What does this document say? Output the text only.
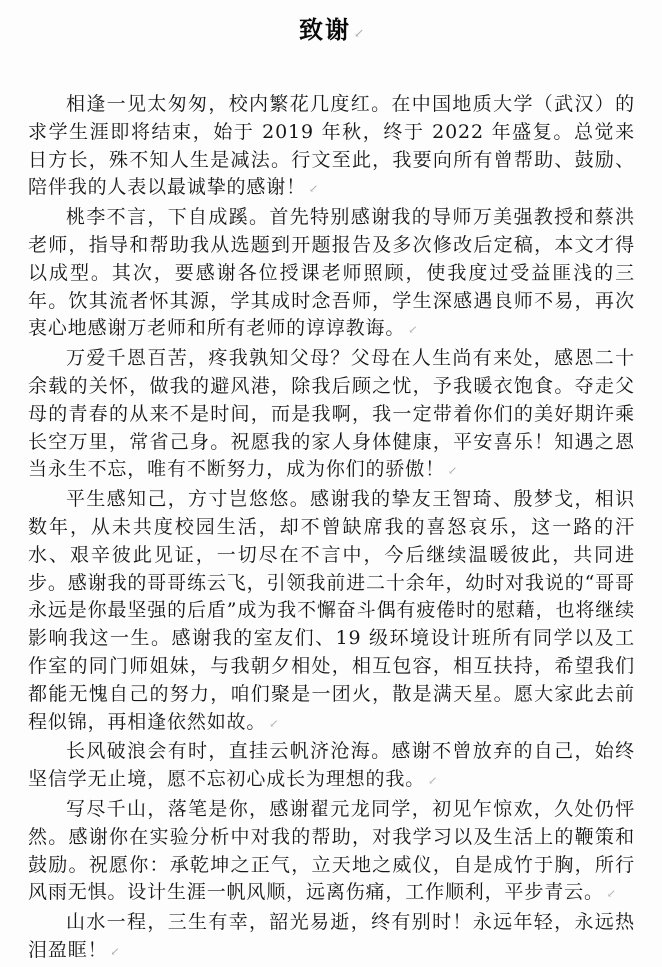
致谢 ↙

相逢一见太匆匆，校内繁花几度红。在中国地质大学（武汉）的求学生涯即将结束，始于 2019 年秋，终于 2022 年盛复。总觉来日方长，殊不知人生是减法。行文至此，我要向所有曾帮助、鼓励、陪伴我的人表以最诚挚的感谢！ ↙

桃李不言，下自成蹊。首先特别感谢我的导师万美强教授和蔡洪老师，指导和帮助我从选题到开题报告及多次修改后定稿，本文才得以成型。其次，要感谢各位授课老师照顾，使我度过受益匪浅的三年。饮其流者怀其源，学其成时念吾师，学生深感遇良师不易，再次衷心地感谢万老师和所有老师的谆谆教诲。 ↙

万爱千恩百苦，疼我孰知父母？父母在人生尚有来处，感恩二十余载的关怀，做我的避风港，除我后顾之忧，予我暖衣饱食。夺走父母的青春的从来不是时间，而是我啊，我一定带着你们的美好期许乘长空万里，常省己身。祝愿我的家人身体健康，平安喜乐！知遇之恩当永生不忘，唯有不断努力，成为你们的骄傲！ ↙

平生感知己，方寸岂悠悠。感谢我的挚友王智琦、殷梦戈，相识数年，从未共度校园生活，却不曾缺席我的喜怒哀乐，这一路的汗水、艰辛彼此见证，一切尽在不言中，今后继续温暖彼此，共同进步。感谢我的哥哥练云飞，引领我前进二十余年，幼时对我说的“哥哥永远是你最坚强的后盾”成为我不懈奋斗偶有疲倦时的慰藉，也将继续影响我这一生。感谢我的室友们、19 级环境设计班所有同学以及工作室的同门师姐妹，与我朝夕相处，相互包容，相互扶持，希望我们都能无愧自己的努力，咱们聚是一团火，散是满天星。愿大家此去前程似锦，再相逢依然如故。 ↙

长风破浪会有时，直挂云帆济沧海。感谢不曾放弃的自己，始终坚信学无止境，愿不忘初心成长为理想的我。 ↙

写尽千山，落笔是你，感谢翟元龙同学，初见乍惊欢，久处仍怦然。感谢你在实验分析中对我的帮助，对我学习以及生活上的鞭策和鼓励。祝愿你：承乾坤之正气，立天地之威仪，自是成竹于胸，所行风雨无惧。设计生涯一帆风顺，远离伤痛，工作顺利，平步青云。 ↙

山水一程，三生有幸，韶光易逝，终有别时！永远年轻，永远热泪盈眶！ ↙
